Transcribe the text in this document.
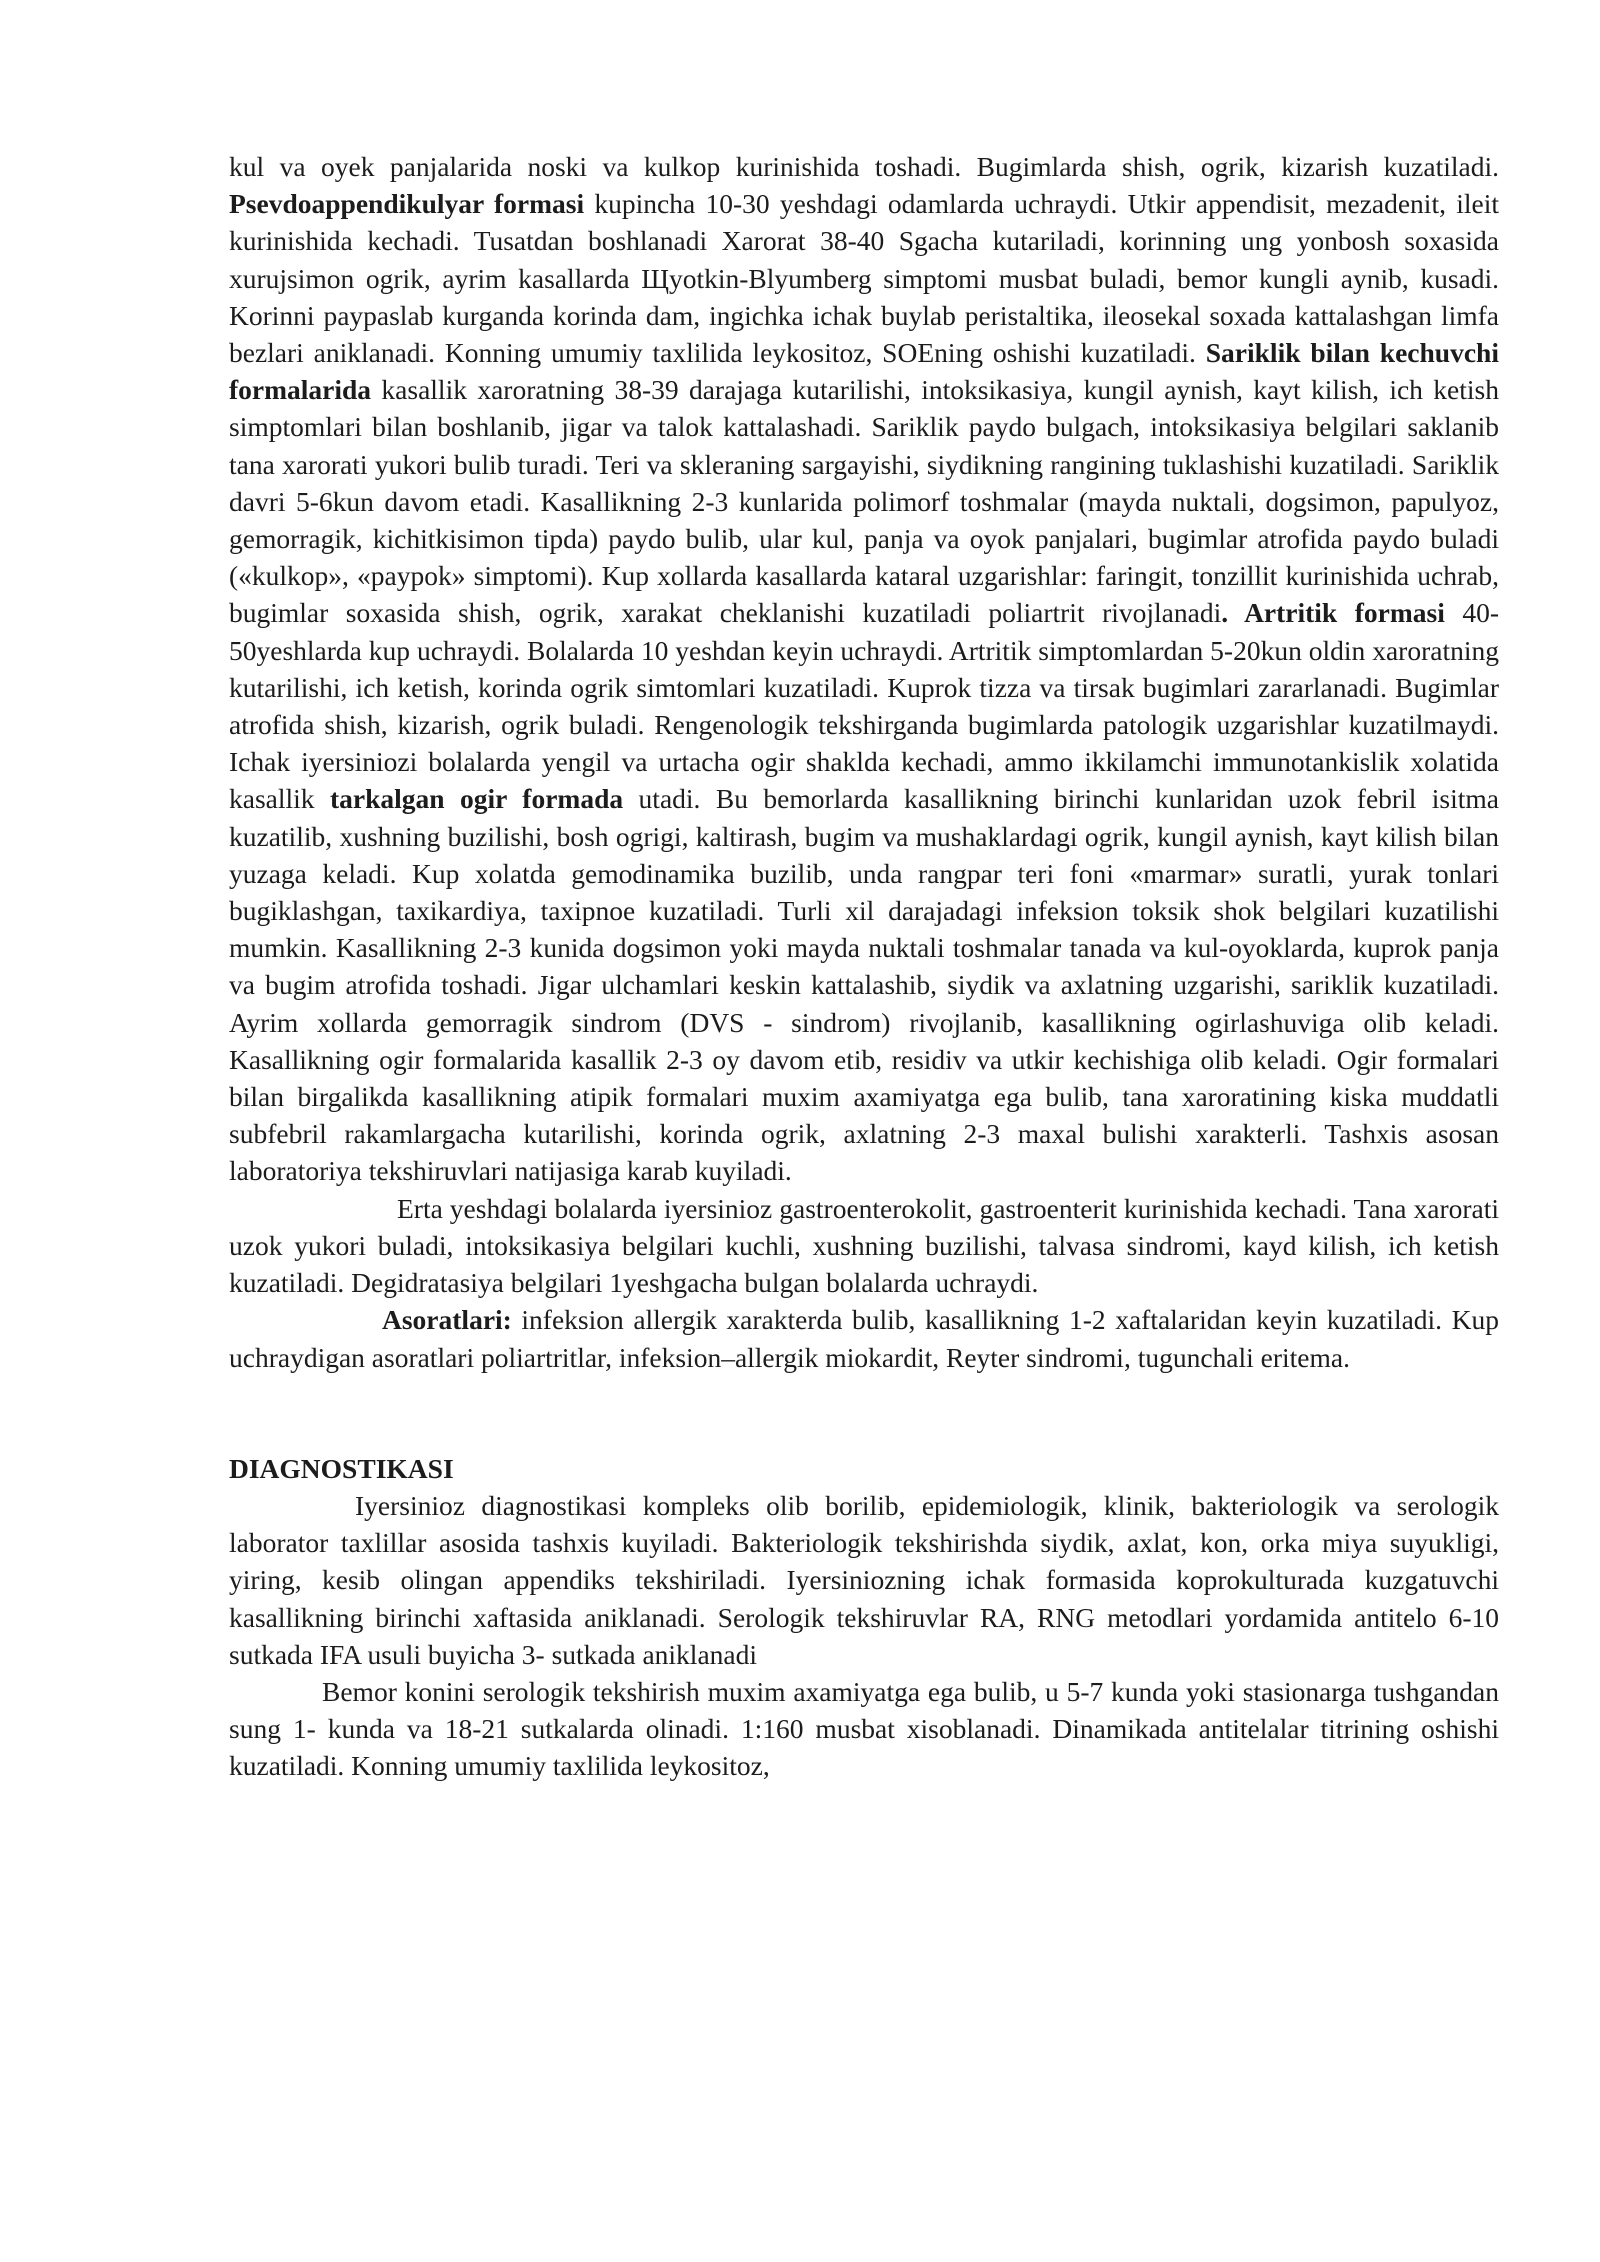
kul va oyek panjalarida noski va kulkop kurinishida toshadi. Bugimlarda shish, ogrik, kizarish kuzatiladi. Psevdoappendikulyar formasi kupincha 10-30 yeshdagi odamlarda uchraydi. Utkir appendisit, mezadenit, ileit kurinishida kechadi. Tusatdan boshlanadi Xarorat 38-40 Sgacha kutariladi, korinning ung yonbosh soxasida xurujsimon ogrik, ayrim kasallarda Щyotkin-Blyumberg simptomi musbat buladi, bemor kungli aynib, kusadi. Korinni paypaslab kurganda korinda dam, ingichka ichak buylab peristaltika, ileosekal soxada kattalashgan limfa bezlari aniklanadi. Konning umumiy taxlilida leykositoz, SOEning oshishi kuzatiladi. Sariklik bilan kechuvchi formalarida kasallik xaroratning 38-39 darajaga kutarilishi, intoksikasiya, kungil aynish, kayt kilish, ich ketish simptomlari bilan boshlanib, jigar va talok kattalashadi. Sariklik paydo bulgach, intoksikasiya belgilari saklanib tana xarorati yukori bulib turadi. Teri va skleraning sargayishi, siydikning rangining tuklashishi kuzatiladi. Sariklik davri 5-6kun davom etadi. Kasallikning 2-3 kunlarida polimorf toshmalar (mayda nuktali, dogsimon, papulyoz, gemorragik, kichitkisimon tipda) paydo bulib, ular kul, panja va oyok panjalari, bugimlar atrofida paydo buladi («kulkop», «paypok» simptomi). Kup xollarda kasallarda kataral uzgarishlar: faringit, tonzillit kurinishida uchrab, bugimlar soxasida shish, ogrik, xarakat cheklanishi kuzatiladi poliartrit rivojlanadi. Artritik formasi 40-50yeshlarda kup uchraydi. Bolalarda 10 yeshdan keyin uchraydi. Artritik simptomlardan 5-20kun oldin xaroratning kutarilishi, ich ketish, korinda ogrik simtomlari kuzatiladi. Kuprok tizza va tirsak bugimlari zararlanadi. Bugimlar atrofida shish, kizarish, ogrik buladi. Rengenologik tekshirganda bugimlarda patologik uzgarishlar kuzatilmaydi. Ichak iyersiniozi bolalarda yengil va urtacha ogir shaklda kechadi, ammo ikkilamchi immunotankislik xolatida kasallik tarkalgan ogir formada utadi. Bu bemorlarda kasallikning birinchi kunlaridan uzok febril isitma kuzatilib, xushning buzilishi, bosh ogrigi, kaltirash, bugim va mushaklardagi ogrik, kungil aynish, kayt kilish bilan yuzaga keladi. Kup xolatda gemodinamika buzilib, unda rangpar teri foni «marmar» suratli, yurak tonlari bugiklashgan, taxikardiya, taxipnoe kuzatiladi. Turli xil darajadagi infeksion toksik shok belgilari kuzatilishi mumkin. Kasallikning 2-3 kunida dogsimon yoki mayda nuktali toshmalar tanada va kul-oyoklarda, kuprok panja va bugim atrofida toshadi. Jigar ulchamlari keskin kattalashib, siydik va axlatning uzgarishi, sariklik kuzatiladi. Ayrim xollarda gemorragik sindrom (DVS - sindrom) rivojlanib, kasallikning ogirlashuviga olib keladi. Kasallikning ogir formalarida kasallik 2-3 oy davom etib, residiv va utkir kechishiga olib keladi. Ogir formalari bilan birgalikda kasallikning atipik formalari muxim axamiyatga ega bulib, tana xaroratining kiska muddatli subfebril rakamlargacha kutarilishi, korinda ogrik, axlatning 2-3 maxal bulishi xarakterli. Tashxis asosan laboratoriya tekshiruvlari natijasiga karab kuyiladi.

Erta yeshdagi bolalarda iyersinioz gastroenterokolit, gastroenterit kurinishida kechadi. Tana xarorati uzok yukori buladi, intoksikasiya belgilari kuchli, xushning buzilishi, talvasa sindromi, kayd kilish, ich ketish kuzatiladi. Degidratasiya belgilari 1yeshgacha bulgan bolalarda uchraydi.

Asoratlari: infeksion allergik xarakterda bulib, kasallikning 1-2 xaftalaridan keyin kuzatiladi. Kup uchraydigan asoratlari poliartritlar, infeksion–allergik miokardit, Reyter sindromi, tugunchali eritema.

DIAGNOSTIKASI

Iyersinioz diagnostikasi kompleks olib borilib, epidemiologik, klinik, bakteriologik va serologik laborator taxlillar asosida tashxis kuyiladi. Bakteriologik tekshirishda siydik, axlat, kon, orka miya suyukligi, yiring, kesib olingan appendiks tekshiriladi. Iyersiniozning ichak formasida koprokulturada kuzgatuvchi kasallikning birinchi xaftasida aniklanadi. Serologik tekshiruvlar RA, RNG metodlari yordamida antitelo 6-10 sutkada IFA usuli buyicha 3- sutkada aniklanadi

Bemor konini serologik tekshirish muxim axamiyatga ega bulib, u 5-7 kunda yoki stasionarga tushgandan sung 1- kunda va 18-21 sutkalarda olinadi. 1:160 musbat xisoblanadi. Dinamikada antitelalar titrining oshishi kuzatiladi. Konning umumiy taxlilida leykositoz,
